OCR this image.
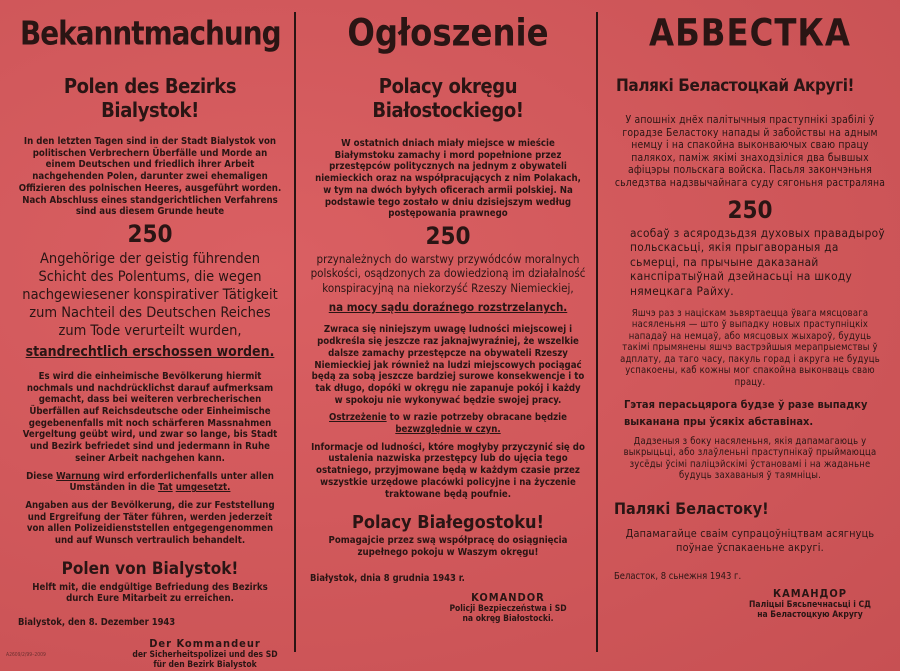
Bekanntmachung
Polen des Bezirks Bialystok!
In den letzten Tagen sind in der Stadt Bialystok von politischen Verbrechern Überfälle und Morde an einem Deutschen und friedlich ihrer Arbeit nachgehenden Polen, darunter zwei ehemaligen Offizieren des polnischen Heeres, ausgeführt worden. Nach Abschluss eines standgerichtlichen Verfahrens sind aus diesem Grunde heute
250
Angehörige der geistig führenden Schicht des Polentums, die wegen nachgewiesener konspirativer Tätigkeit zum Nachteil des Deutschen Reiches zum Tode verurteilt wurden,
standrechtlich erschossen worden.
Es wird die einheimische Bevölkerung hiermit nochmals und nachdrücklichst darauf aufmerksam gemacht, dass bei weiteren verbrecherischen Überfällen auf Reichsdeutsche oder Einheimische gegebenenfalls mit noch schärferen Massnahmen Vergeltung geübt wird, und zwar so lange, bis Stadt und Bezirk befriedet sind und jedermann in Ruhe seiner Arbeit nachgehen kann.
Diese Warnung wird erforderlichenfalls unter allen Umständen in die Tat umgesetzt.
Angaben aus der Bevölkerung, die zur Feststellung und Ergreifung der Täter führen, werden jederzeit von allen Polizeidienststellen entgegengenommen und auf Wunsch vertraulich behandelt.
Polen von Bialystok!
Helft mit, die endgültige Befriedung des Bezirks durch Eure Mitarbeit zu erreichen.
Bialystok, den 8. Dezember 1943
Der Kommandeur
der Sicherheitspolizei und des SD
für den Bezirk Bialystok
A2609/2/99–2009
Ogłoszenie
Polacy okręgu Białostockiego!
W ostatnich dniach miały miejsce w mieście Białymstoku zamachy i mord popełnione przez przestępców politycznych na jednym z obywateli niemieckich oraz na współpracujących z nim Polakach, w tym na dwóch byłych oficerach armii polskiej. Na podstawie tego zostało w dniu dzisiejszym według postępowania prawnego
250
przynależnych do warstwy przywódców moralnych polskości, osądzonych za dowiedzioną im działalność konspiracyjną na niekorzyść Rzeszy Niemieckiej,
na mocy sądu doraźnego rozstrzelanych.
Zwraca się niniejszym uwagę ludności miejscowej i podkreśla się jeszcze raz jaknajwyraźniej, że wszelkie dalsze zamachy przestępcze na obywateli Rzeszy Niemieckiej jak również na ludzi miejscowych pociągać będą za sobą jeszcze bardziej surowe konsekwencje i to tak długo, dopóki w okręgu nie zapanuje pokój i każdy w spokoju nie wykonywać będzie swojej pracy.
Ostrzeżenie to w razie potrzeby obracane będzie bezwzględnie w czyn.
Informacje od ludności, które mogłyby przyczynić się do ustalenia nazwiska przestępcy lub do ujęcia tego ostatniego, przyjmowane będą w każdym czasie przez wszystkie urzędowe placówki policyjne i na życzenie traktowane będą poufnie.
Polacy Białegostoku!
Pomagajcie przez swą współpracę do osiągnięcia zupełnego pokoju w Waszym okręgu!
Białystok, dnia 8 grudnia 1943 r.
KOMANDOR
Policji Bezpieczeństwa i SD
na okręg Białostocki.
АБВЕСТКА
Палякі Беластоцкай Акругі!
У апошніх днёх палітычныя праступнікі зрабілі ў горадзе Беластоку напады й забойствы на адным немцу і на спакойна выконваючых сваю працу палякох, паміж якімі знаходзіліся два бывшых афіцэры польскага войска. Пасьля закончэньня сьледзтва надзвычайнага суду сягоньня растраляна
250
асобаў з асяродзьдзя духовых правадыроў польскасьці, якія прыгавораныя да сьмерці, па прычыне даказанай канспіратыўнай дзейнасьці на шкоду нямецкага Райху.
Яшчэ раз з націскам зьвяртаецца ўвага мясцовага насяленьня — што ў выпадку новых праступніцкіх нападаў на немцаў, або мясцовых жыхароў, будуць такімі прымянены яшчэ вастрэйшыя мерапрыемствы ў адплату, да таго часу, пакуль горад і акруга не будуць успакоены, каб кожны мог спакойна выконваць сваю працу.
Гэтая перасьцярога будзе ў разе выпадку выканана пры ўсякіх абставінах.
Дадзеныя з боку насяленьня, якія дапамагаюць у выкрыцьці, або злаўленьні праступнікаў прыймаюцца зусёды ўсімі паліцэйскімі ўстановамі і на жаданьне будуць захаваныя ў таямніцы.
Палякі Беластоку!
Дапамагайце сваім супрацоўніцтвам асягнуць поўнае ўспакаеньне акругі.
Беласток, 8 сьнежня 1943 г.
КАМАНДОР
Паліцыі Бясьпечнасьці і СД
на Беластоцкую Акругу
